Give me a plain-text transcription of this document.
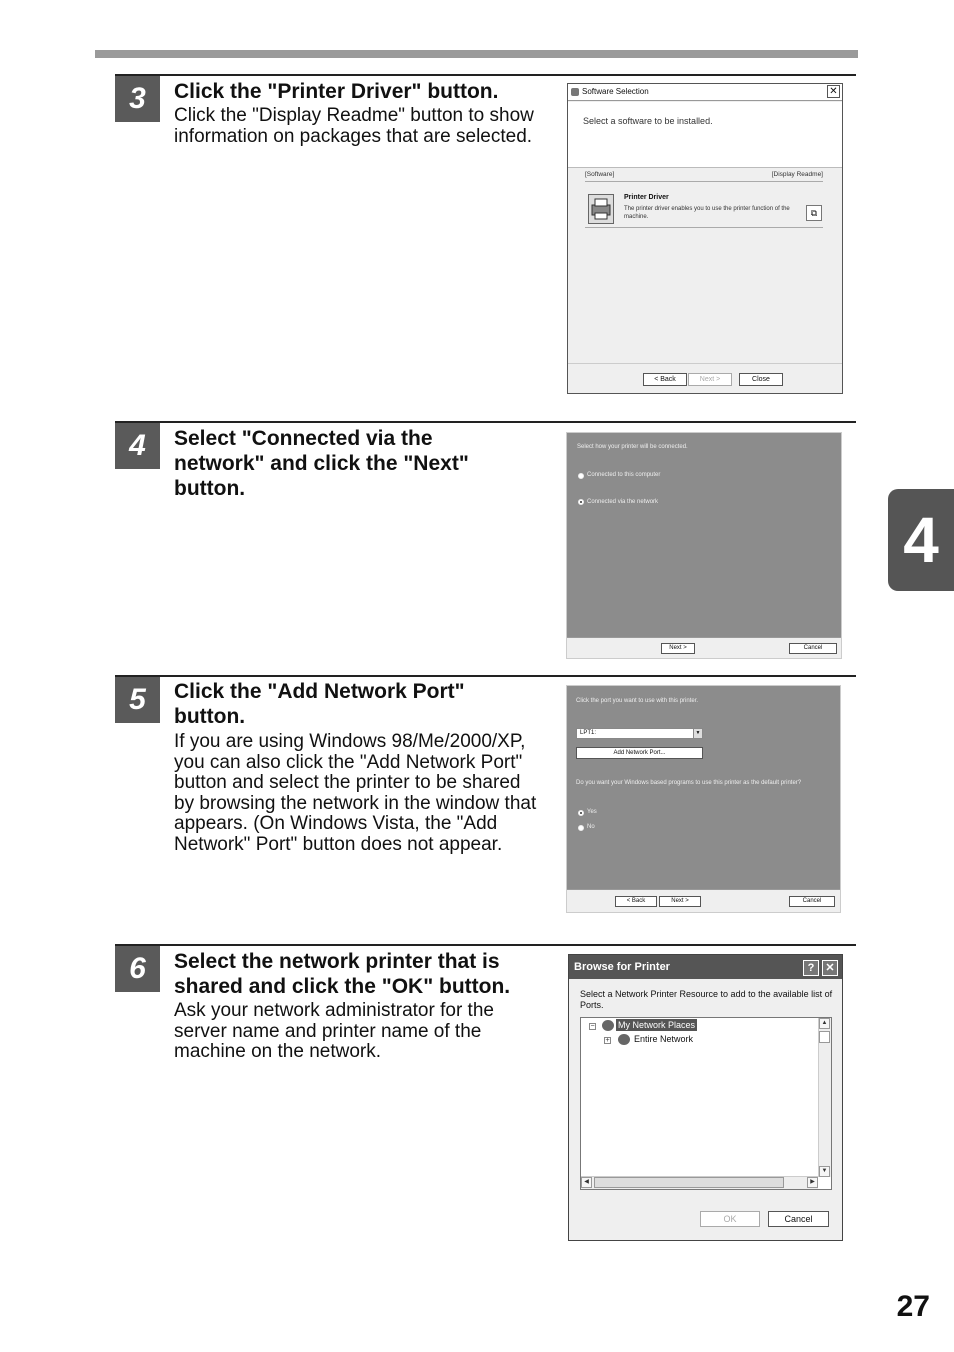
3	Click the "Printer Driver" button.
Click the "Display Readme" button to show information on packages that are selected.
Software Selection	✕
Select a software to be installed.
[Software]	[Display Readme]
Printer Driver
The printer driver enables you to use the printer function of the machine.	⧉
< Back	Next >	Close
4	Select "Connected via the network" and click the "Next" button.
Select how your printer will be connected.
Connected to this computer
Connected via the network
Next >	Cancel
5	Click the "Add Network Port" button.
If you are using Windows 98/Me/2000/XP, you can also click the "Add Network Port" button and select the printer to be shared by browsing the network in the window that appears. (On Windows Vista, the "Add Network" Port" button does not appear.
Click the port you want to use with this printer.
LPT1:	▼
Add Network Port...
Do you want your Windows based programs to use this printer as the default printer?
Yes
No
< Back	Next >	Cancel
6	Select the network printer that is shared and click the "OK" button.
Ask your network administrator for the server name and printer name of the machine on the network.
Browse for Printer	?	✕
Select a Network Printer Resource to add to the available list of Ports.
−	My Network Places
+	Entire Network
▲
▼
◀	▶
OK	Cancel
4
27
